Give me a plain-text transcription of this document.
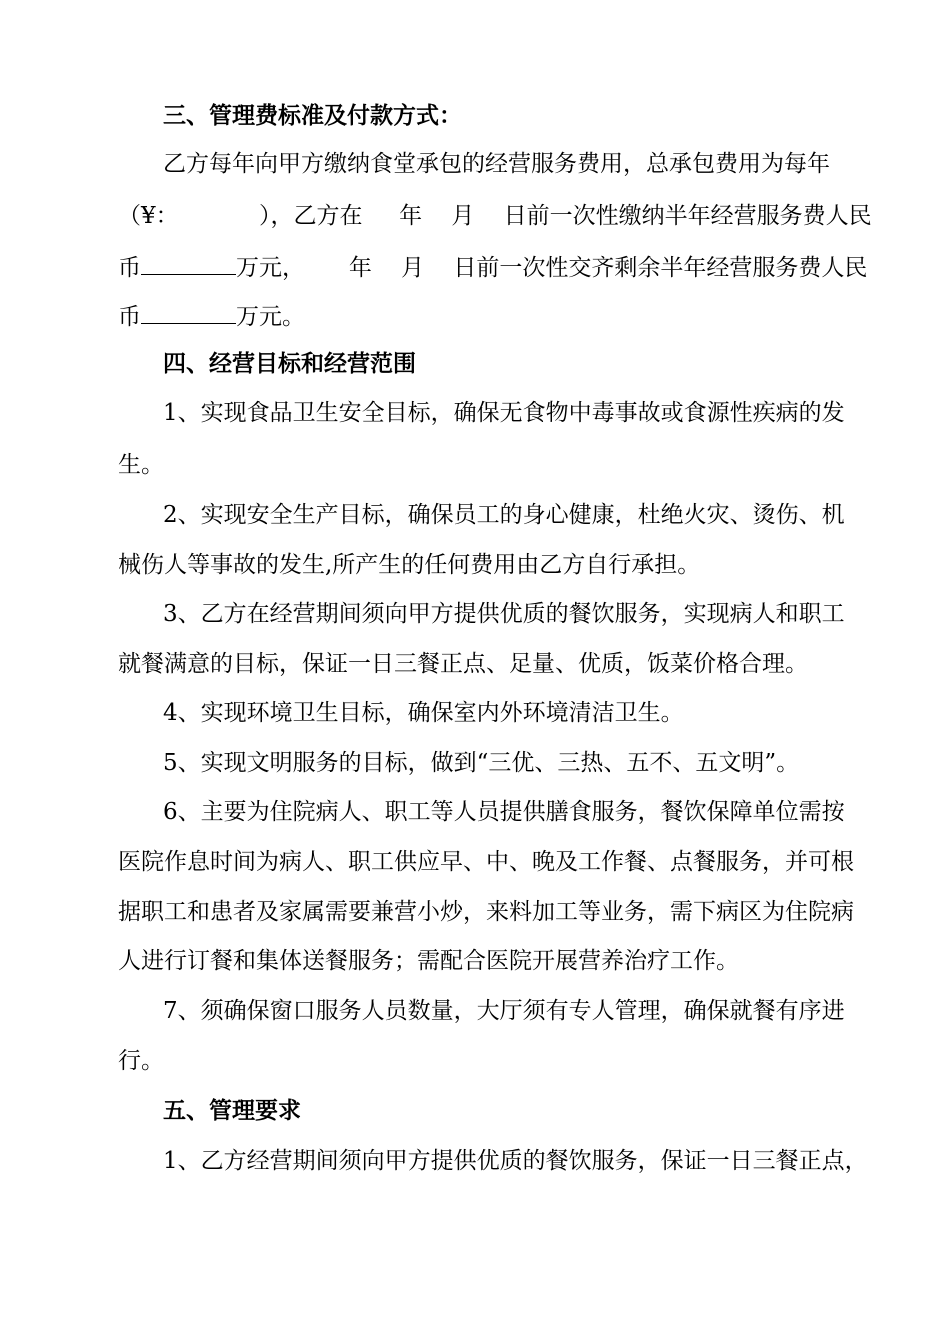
三、管理费标准及付款方式：
乙方每年向甲方缴纳食堂承包的经营服务费用，总承包费用为每年
（¥：           ），乙方在     年    月    日前一次性缴纳半年经营服务费人民
币	万元，      年    月    日前一次性交齐剩余半年经营服务费人民
币	万元。
四、经营目标和经营范围
1、实现食品卫生安全目标，确保无食物中毒事故或食源性疾病的发
生。
2、实现安全生产目标，确保员工的身心健康，杜绝火灾、烫伤、机
械伤人等事故的发生,所产生的任何费用由乙方自行承担。
3、乙方在经营期间须向甲方提供优质的餐饮服务，实现病人和职工
就餐满意的目标，保证一日三餐正点、足量、优质，饭菜价格合理。
4、实现环境卫生目标，确保室内外环境清洁卫生。
5、实现文明服务的目标，做到“三优、三热、五不、五文明”。
6、主要为住院病人、职工等人员提供膳食服务，餐饮保障单位需按
医院作息时间为病人、职工供应早、中、晚及工作餐、点餐服务，并可根
据职工和患者及家属需要兼营小炒，来料加工等业务，需下病区为住院病
人进行订餐和集体送餐服务；需配合医院开展营养治疗工作。
7、须确保窗口服务人员数量，大厅须有专人管理，确保就餐有序进
行。
五、管理要求
1、乙方经营期间须向甲方提供优质的餐饮服务，保证一日三餐正点，
